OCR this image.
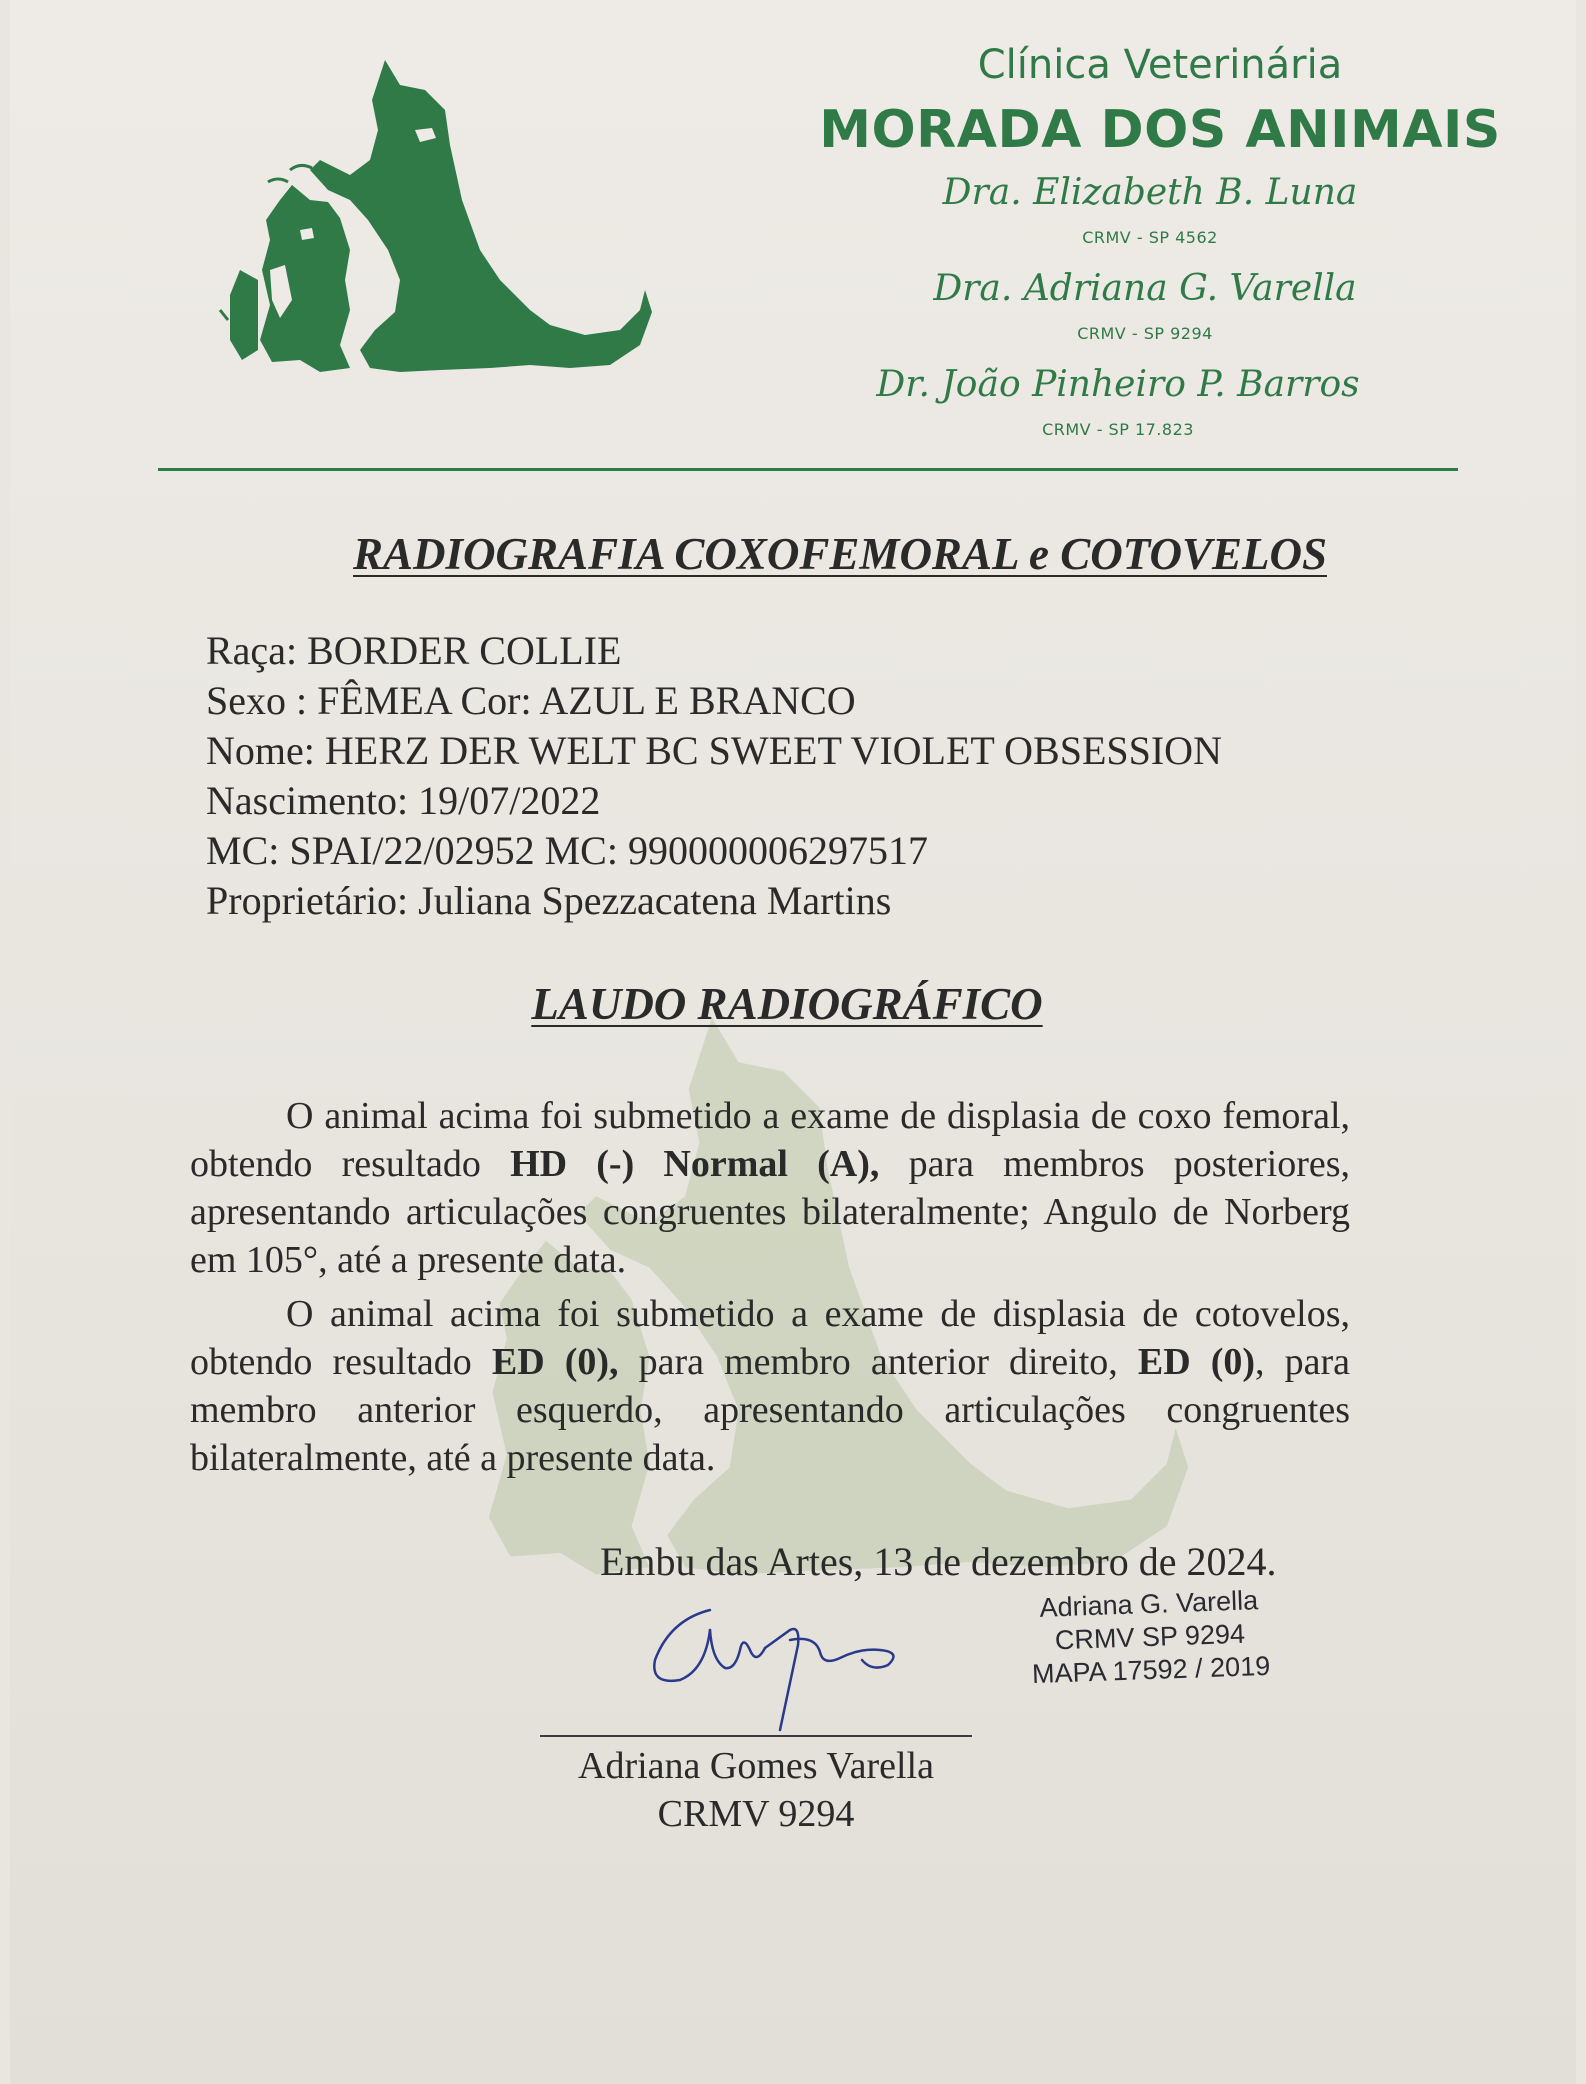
Clínica Veterinária
MORADA DOS ANIMAIS
Dra. Elizabeth B. Luna
CRMV - SP 4562
Dra. Adriana G. Varella
CRMV - SP 9294
Dr. João Pinheiro P. Barros
CRMV - SP 17.823
RADIOGRAFIA COXOFEMORAL e COTOVELOS
Raça: BORDER COLLIE
Sexo : FÊMEA Cor: AZUL E BRANCO
Nome: HERZ DER WELT BC SWEET VIOLET OBSESSION
Nascimento: 19/07/2022
MC: SPAI/22/02952 MC: 990000006297517
Proprietário: Juliana Spezzacatena Martins
LAUDO RADIOGRÁFICO
O animal acima foi submetido a exame de displasia de coxo femoral, obtendo resultado HD (-) Normal (A), para membros posteriores, apresentando articulações congruentes bilateralmente; Angulo de Norberg em 105°, até a presente data.
O animal acima foi submetido a exame de displasia de cotovelos, obtendo resultado ED (0), para membro anterior direito, ED (0), para membro anterior esquerdo, apresentando articulações congruentes bilateralmente, até a presente data.
Embu das Artes, 13 de dezembro de 2024.
Adriana G. Varella
CRMV SP 9294
MAPA 17592 / 2019
Adriana Gomes Varella
CRMV 9294
